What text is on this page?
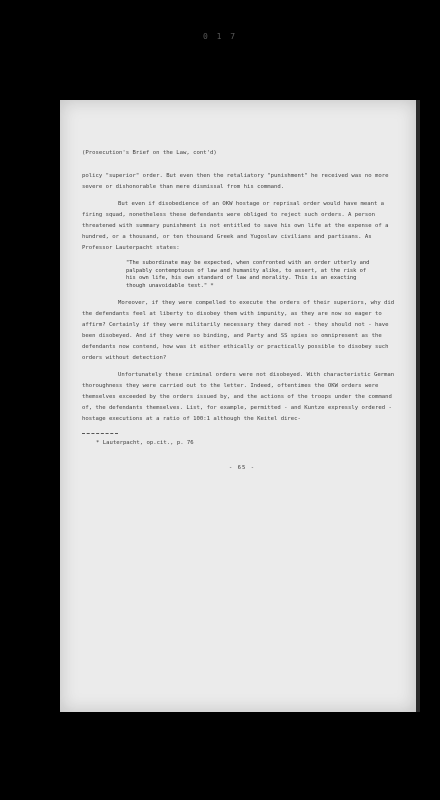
0 1 7
(Prosecution's Brief on the Law, cont'd)

policy "superior" order. But even then the retaliatory "punishment" he received was no more severe or dishonorable than mere dismissal from his command.

But even if disobedience of an OKW hostage or reprisal order would have meant a firing squad, nonetheless these defendants were obliged to reject such orders. A person threatened with summary punishment is not entitled to save his own life at the expense of a hundred, or a thousand, or ten thousand Greek and Yugoslav civilians and partisans. As Professor Lauterpacht states:

"The subordinate may be expected, when confronted with an order utterly and palpably contemptuous of law and humanity alike, to assert, at the risk of his own life, his own standard of law and morality. This is an exacting though unavoidable test." *

Moreover, if they were compelled to execute the orders of their superiors, why did the defendants feel at liberty to disobey them with impunity, as they are now so eager to affirm? Certainly if they were militarily necessary they dared not - they should not - have been disobeyed. And if they were so binding, and Party and SS spies so omnipresent as the defendants now contend, how was it either ethically or practically possible to disobey such orders without detection?

Unfortunately these criminal orders were not disobeyed. With characteristic German thoroughness they were carried out to the letter. Indeed, oftentimes the OKW orders were themselves exceeded by the orders issued by, and the actions of the troops under the command of, the defendants themselves. List, for example, permitted - and Kuntze expressly ordered - hostage executions at a ratio of 100:1 although the Keitel direc-

* Lauterpacht, op.cit., p. 76
- 65 -
